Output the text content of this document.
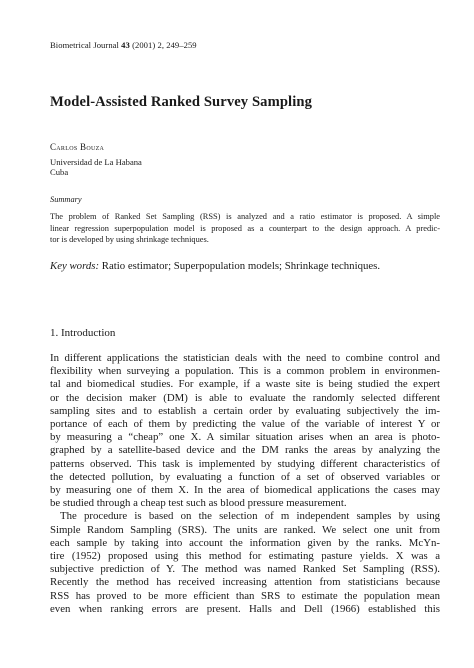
Biometrical Journal 43 (2001) 2, 249–259
Model-Assisted Ranked Survey Sampling
Carlos Bouza
Universidad de La Habana
Cuba
Summary
The problem of Ranked Set Sampling (RSS) is analyzed and a ratio estimator is proposed. A simple
linear regression superpopulation model is proposed as a counterpart to the design approach. A predic-
tor is developed by using shrinkage techniques.
Key words: Ratio estimator; Superpopulation models; Shrinkage techniques.
1. Introduction
In different applications the statistician deals with the need to combine control and
flexibility when surveying a population. This is a common problem in environmen-
tal and biomedical studies. For example, if a waste site is being studied the expert
or the decision maker (DM) is able to evaluate the randomly selected different
sampling sites and to establish a certain order by evaluating subjectively the im-
portance of each of them by predicting the value of the variable of interest Y or
by measuring a “cheap” one X. A similar situation arises when an area is photo-
graphed by a satellite-based device and the DM ranks the areas by analyzing the
patterns observed. This task is implemented by studying different characteristics of
the detected pollution, by evaluating a function of a set of observed variables or
by measuring one of them X. In the area of biomedical applications the cases may
be studied through a cheap test such as blood pressure measurement.
The procedure is based on the selection of m independent samples by using
Simple Random Sampling (SRS). The units are ranked. We select one unit from
each sample by taking into account the information given by the ranks. McYn-
tire (1952) proposed using this method for estimating pasture yields. X was a
subjective prediction of Y. The method was named Ranked Set Sampling (RSS).
Recently the method has received increasing attention from statisticians because
RSS has proved to be more efficient than SRS to estimate the population mean
even when ranking errors are present. Halls and Dell (1966) established this
